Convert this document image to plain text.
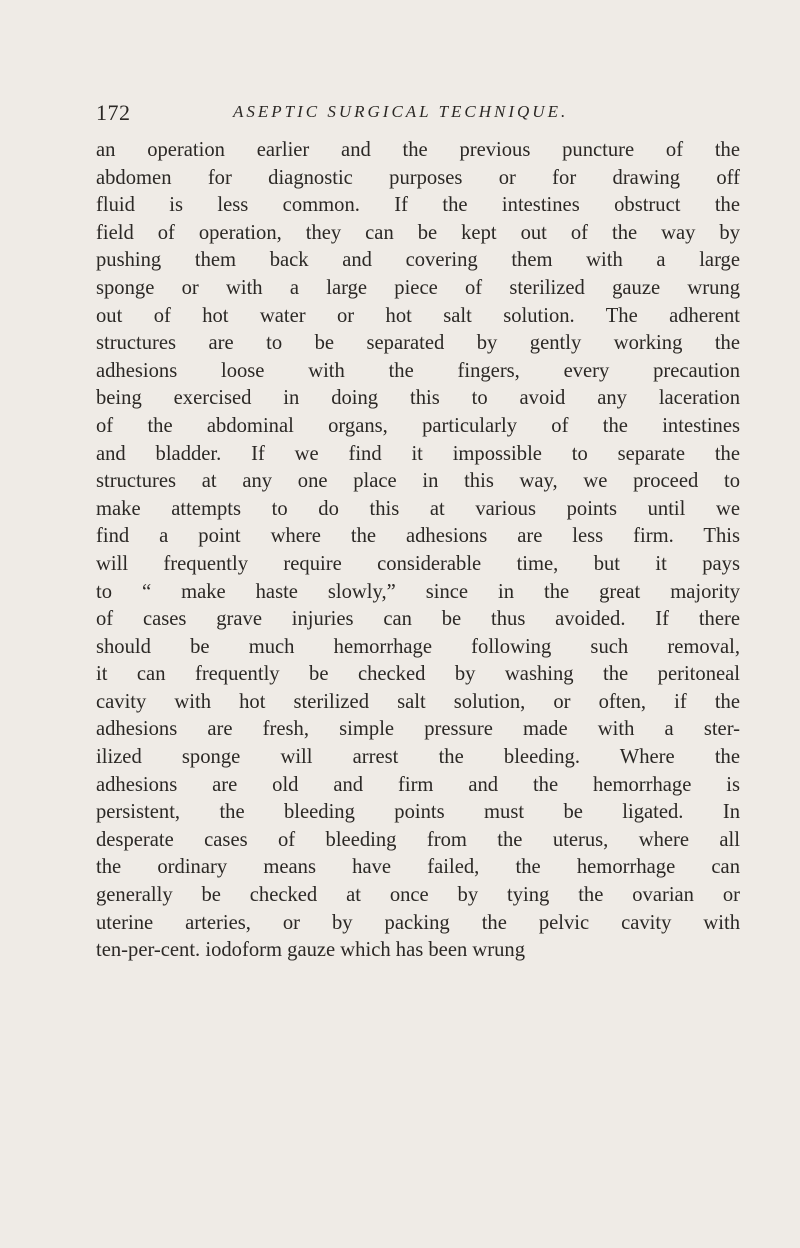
172	ASEPTIC SURGICAL TECHNIQUE.
an operation earlier and the previous puncture of the
abdomen for diagnostic purposes or for drawing off
fluid is less common. If the intestines obstruct the
field of operation, they can be kept out of the way by
pushing them back and covering them with a large
sponge or with a large piece of sterilized gauze wrung
out of hot water or hot salt solution. The adherent
structures are to be separated by gently working the
adhesions loose with the fingers, every precaution
being exercised in doing this to avoid any laceration
of the abdominal organs, particularly of the intestines
and bladder. If we find it impossible to separate the
structures at any one place in this way, we proceed to
make attempts to do this at various points until we
find a point where the adhesions are less firm. This
will frequently require considerable time, but it pays
to “ make haste slowly,” since in the great majority
of cases grave injuries can be thus avoided. If there
should be much hemorrhage following such removal,
it can frequently be checked by washing the peritoneal
cavity with hot sterilized salt solution, or often, if the
adhesions are fresh, simple pressure made with a ster-
ilized sponge will arrest the bleeding. Where the
adhesions are old and firm and the hemorrhage is
persistent, the bleeding points must be ligated. In
desperate cases of bleeding from the uterus, where all
the ordinary means have failed, the hemorrhage can
generally be checked at once by tying the ovarian or
uterine arteries, or by packing the pelvic cavity with
ten-per-cent. iodoform gauze which has been wrung
